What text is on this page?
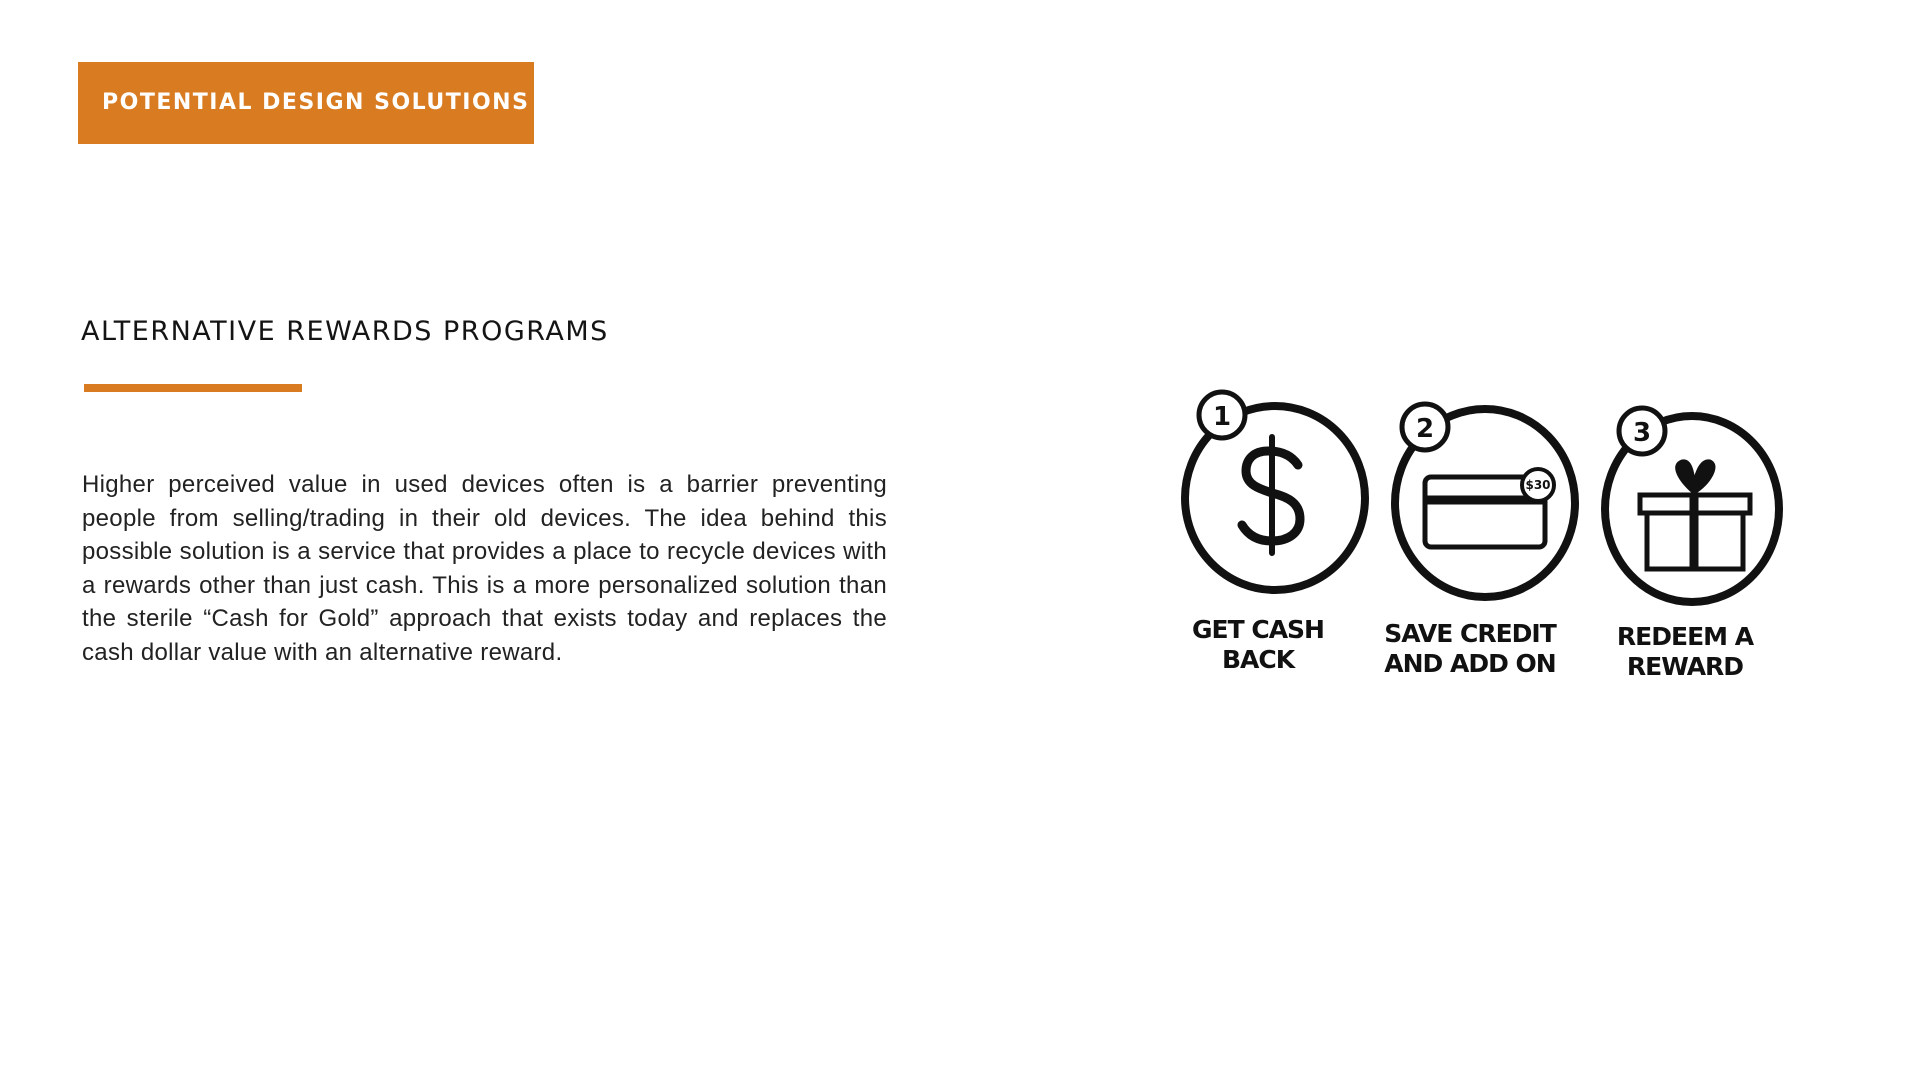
POTENTIAL DESIGN SOLUTIONS
ALTERNATIVE REWARDS PROGRAMS

Higher perceived value in used devices often is a barrier preventing people from selling/trading in their old devices. The idea behind this possible solution is a service that provides a place to recycle devices with a rewards other than just cash. This is a more personalized solution than the sterile “Cash for Gold” approach that exists today and replaces the cash dollar value with an alternative reward.

1	2
$30
3
GET CASH
BACK
SAVE CREDIT
AND ADD ON
REDEEM A
REWARD
